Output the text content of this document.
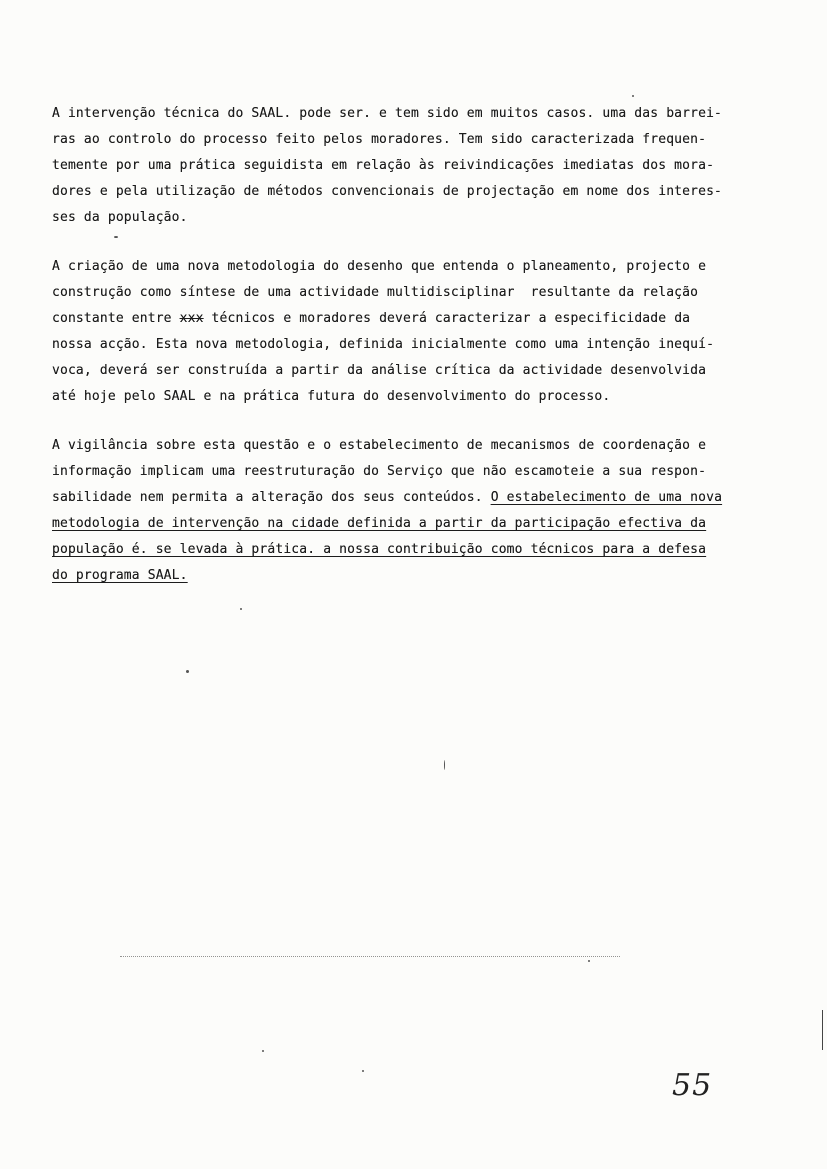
A intervenção técnica do SAAL. pode ser. e tem sido em muitos casos. uma das barrei-
ras ao controlo do processo feito pelos moradores. Tem sido caracterizada frequen-
temente por uma prática seguidista em relação às reivindicações imediatas dos mora-
dores e pela utilização de métodos convencionais de projectação em nome dos interes-
ses da população.

A criação de uma nova metodologia do desenho que entenda o planeamento, projecto e
construção como síntese de uma actividade multidisciplinar  resultante da relação
constante entre xxx técnicos e moradores deverá caracterizar a especificidade da
nossa acção. Esta nova metodologia, definida inicialmente como uma intenção inequí-
voca, deverá ser construída a partir da análise crítica da actividade desenvolvida
até hoje pelo SAAL e na prática futura do desenvolvimento do processo.

A vigilância sobre esta questão e o estabelecimento de mecanismos de coordenação e
informação implicam uma reestruturação do Serviço que não escamoteie a sua respon-
sabilidade nem permita a alteração dos seus conteúdos. O estabelecimento de uma nova
metodologia de intervenção na cidade definida a partir da participação efectiva da
população é. se levada à prática. a nossa contribuição como técnicos para a defesa
do programa SAAL.

55
